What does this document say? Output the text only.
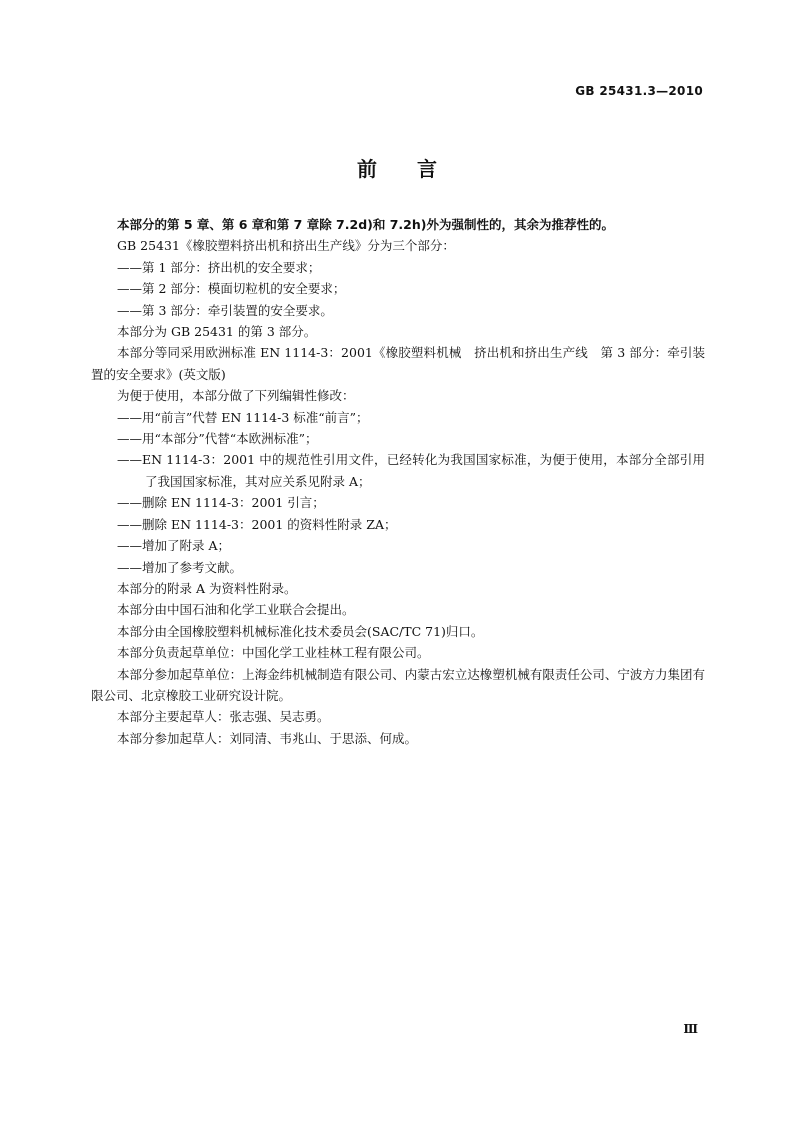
GB 25431.3—2010
前言
本部分的第 5 章、第 6 章和第 7 章除 7.2d)和 7.2h)外为强制性的，其余为推荐性的。
GB 25431《橡胶塑料挤出机和挤出生产线》分为三个部分：
——第 1 部分：挤出机的安全要求；
——第 2 部分：模面切粒机的安全要求；
——第 3 部分：牵引装置的安全要求。
本部分为 GB 25431 的第 3 部分。
本部分等同采用欧洲标准 EN 1114-3：2001《橡胶塑料机械　挤出机和挤出生产线　第 3 部分：牵引装置的安全要求》(英文版)
为便于使用，本部分做了下列编辑性修改：
——用“前言”代替 EN 1114-3 标准“前言”；
——用“本部分”代替“本欧洲标准”；
——EN 1114-3：2001 中的规范性引用文件，已经转化为我国国家标准，为便于使用，本部分全部引用了我国国家标准，其对应关系见附录 A；
——删除 EN 1114-3：2001 引言；
——删除 EN 1114-3：2001 的资料性附录 ZA；
——增加了附录 A；
——增加了参考文献。
本部分的附录 A 为资料性附录。
本部分由中国石油和化学工业联合会提出。
本部分由全国橡胶塑料机械标准化技术委员会(SAC/TC 71)归口。
本部分负责起草单位：中国化学工业桂林工程有限公司。
本部分参加起草单位：上海金纬机械制造有限公司、内蒙古宏立达橡塑机械有限责任公司、宁波方力集团有限公司、北京橡胶工业研究设计院。
本部分主要起草人：张志强、吴志勇。
本部分参加起草人：刘同清、韦兆山、于思添、何成。
Ⅲ
